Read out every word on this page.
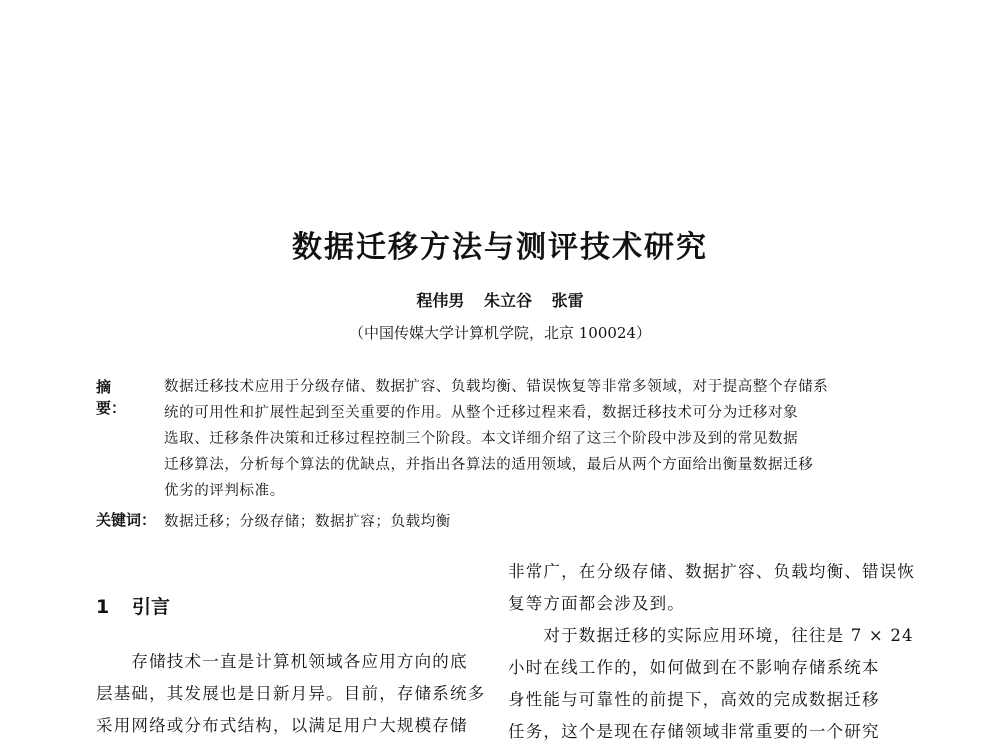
数据迁移方法与测评技术研究
程伟男 朱立谷 张雷
（中国传媒大学计算机学院，北京 100024）
摘要：
数据迁移技术应用于分级存储、数据扩容、负载均衡、错误恢复等非常多领域，对于提高整个存储系
统的可用性和扩展性起到至关重要的作用。从整个迁移过程来看，数据迁移技术可分为迁移对象
选取、迁移条件决策和迁移过程控制三个阶段。本文详细介绍了这三个阶段中涉及到的常见数据
迁移算法，分析每个算法的优缺点，并指出各算法的适用领域，最后从两个方面给出衡量数据迁移
优劣的评判标准。
关键词： 数据迁移；分级存储；数据扩容；负载均衡
1 引言
　　存储技术一直是计算机领域各应用方向的底
层基础，其发展也是日新月异。目前，存储系统多
采用网络或分布式结构，以满足用户大规模存储
非常广，在分级存储、数据扩容、负载均衡、错误恢
复等方面都会涉及到。
　　对于数据迁移的实际应用环境，往往是 7 × 24
小时在线工作的，如何做到在不影响存储系统本
身性能与可靠性的前提下，高效的完成数据迁移
任务，这个是现在存储领域非常重要的一个研究
